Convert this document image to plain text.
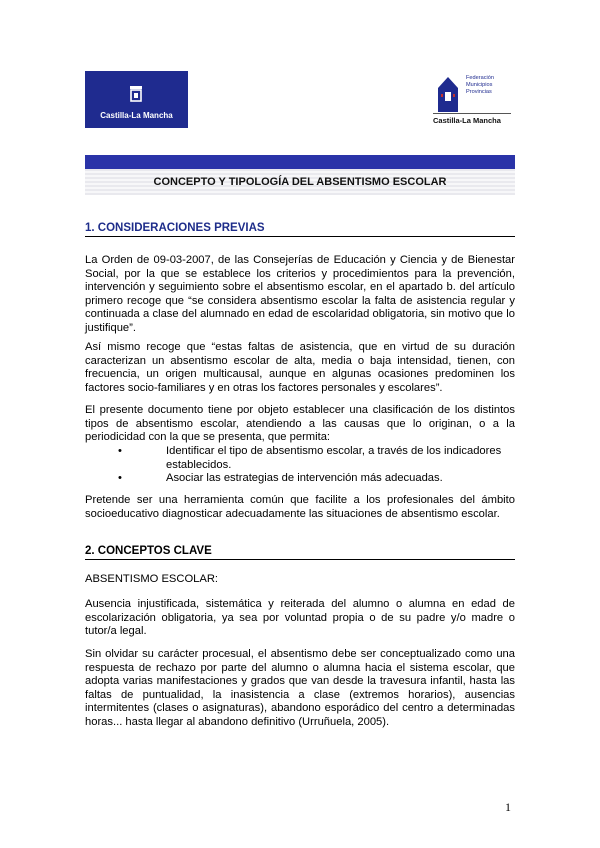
Castilla-La Mancha
Federación
Municipios
Provincias
Castilla-La Mancha
CONCEPTO Y TIPOLOGÍA DEL ABSENTISMO ESCOLAR
1. CONSIDERACIONES PREVIAS
La Orden de 09-03-2007, de las Consejerías de Educación y Ciencia y de Bienestar Social, por la que se establece los criterios y procedimientos para la prevención, intervención y seguimiento sobre el absentismo escolar, en el apartado b. del artículo primero recoge que “se considera absentismo escolar la falta de asistencia regular y continuada a clase del alumnado en edad de escolaridad obligatoria, sin motivo que lo justifique”.
Así mismo recoge que “estas faltas de asistencia, que en virtud de su duración caracterizan un absentismo escolar de alta, media o baja intensidad, tienen, con frecuencia, un origen multicausal, aunque en algunas ocasiones predominen los factores socio-familiares y en otras los factores personales y escolares”.
El presente documento tiene por objeto establecer una clasificación de los distintos tipos de absentismo escolar, atendiendo a las causas que lo originan, o a la periodicidad con la que se presenta, que permita:
•	Identificar el tipo de absentismo escolar, a través de los indicadores establecidos.
•	Asociar las estrategias de intervención más adecuadas.
Pretende ser una herramienta común que facilite a los profesionales del ámbito socioeducativo diagnosticar adecuadamente las situaciones de absentismo escolar.
2. CONCEPTOS CLAVE
ABSENTISMO ESCOLAR:
Ausencia injustificada, sistemática y reiterada del alumno o alumna en edad de escolarización obligatoria, ya sea por voluntad propia o de su padre y/o madre o tutor/a legal.
Sin olvidar su carácter procesual, el absentismo debe ser conceptualizado como una respuesta de rechazo por parte del alumno o alumna hacia el sistema escolar, que adopta varias manifestaciones y grados que van desde la travesura infantil, hasta las faltas de puntualidad, la inasistencia a clase (extremos horarios), ausencias intermitentes (clases o asignaturas), abandono esporádico del centro a determinadas horas... hasta llegar al abandono definitivo (Urruñuela, 2005).
1
